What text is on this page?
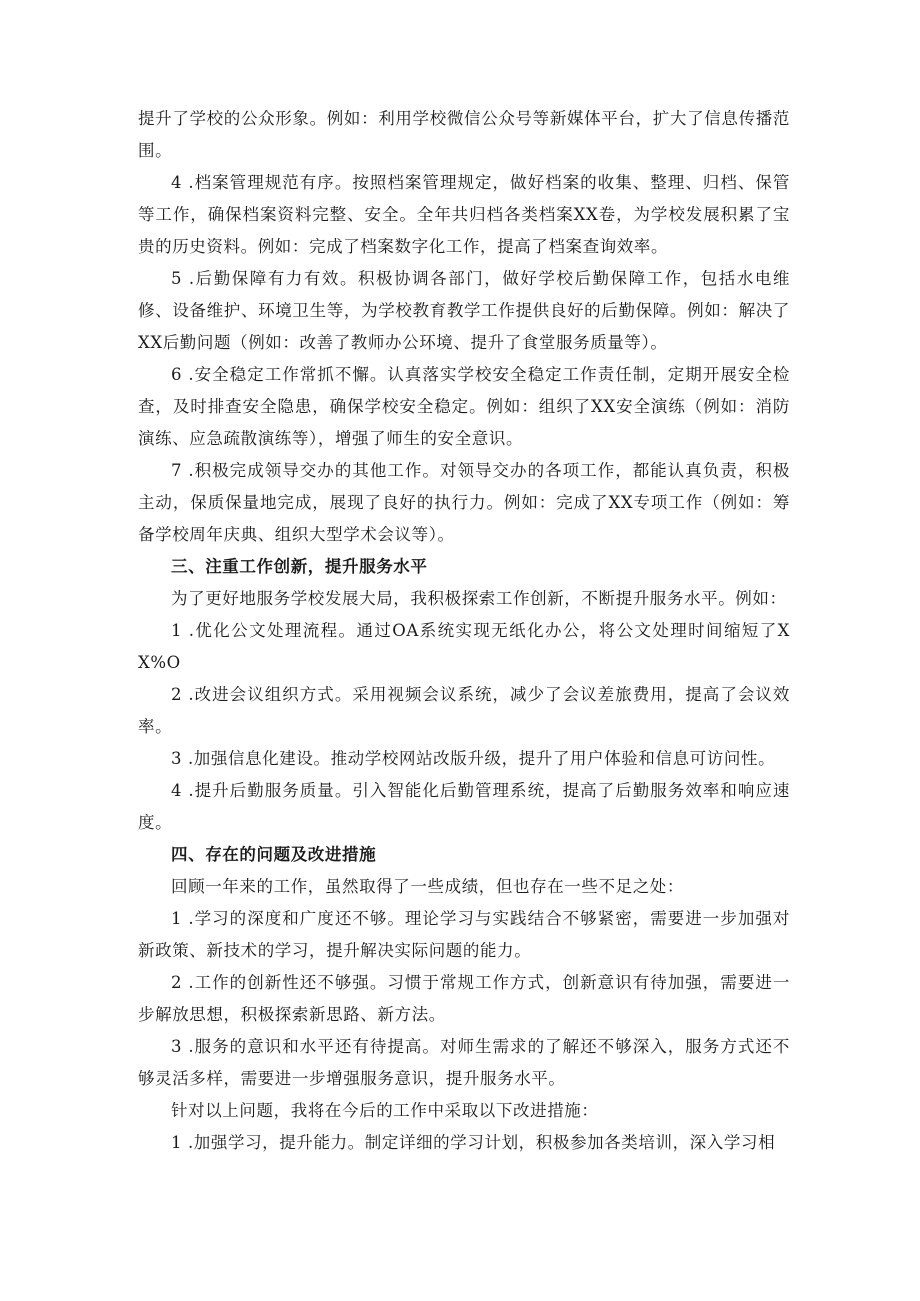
提升了学校的公众形象。例如：利用学校微信公众号等新媒体平台，扩大了信息传播范围。

4 .档案管理规范有序。按照档案管理规定，做好档案的收集、整理、归档、保管等工作，确保档案资料完整、安全。全年共归档各类档案XX卷，为学校发展积累了宝贵的历史资料。例如：完成了档案数字化工作，提高了档案查询效率。

5 .后勤保障有力有效。积极协调各部门，做好学校后勤保障工作，包括水电维修、设备维护、环境卫生等，为学校教育教学工作提供良好的后勤保障。例如：解决了XX后勤问题（例如：改善了教师办公环境、提升了食堂服务质量等）。

6 .安全稳定工作常抓不懈。认真落实学校安全稳定工作责任制，定期开展安全检查，及时排查安全隐患，确保学校安全稳定。例如：组织了XX安全演练（例如：消防演练、应急疏散演练等），增强了师生的安全意识。

7 .积极完成领导交办的其他工作。对领导交办的各项工作，都能认真负责，积极主动，保质保量地完成，展现了良好的执行力。例如：完成了XX专项工作（例如：筹备学校周年庆典、组织大型学术会议等）。

三、注重工作创新，提升服务水平

为了更好地服务学校发展大局，我积极探索工作创新，不断提升服务水平。例如：

1 .优化公文处理流程。通过OA系统实现无纸化办公，将公文处理时间缩短了XX%O

2 .改进会议组织方式。采用视频会议系统，减少了会议差旅费用，提高了会议效率。

3 .加强信息化建设。推动学校网站改版升级，提升了用户体验和信息可访问性。

4 .提升后勤服务质量。引入智能化后勤管理系统，提高了后勤服务效率和响应速度。

四、存在的问题及改进措施

回顾一年来的工作，虽然取得了一些成绩，但也存在一些不足之处：

1 .学习的深度和广度还不够。理论学习与实践结合不够紧密，需要进一步加强对新政策、新技术的学习，提升解决实际问题的能力。

2 .工作的创新性还不够强。习惯于常规工作方式，创新意识有待加强，需要进一步解放思想，积极探索新思路、新方法。

3 .服务的意识和水平还有待提高。对师生需求的了解还不够深入，服务方式还不够灵活多样，需要进一步增强服务意识，提升服务水平。

针对以上问题，我将在今后的工作中采取以下改进措施：

1 .加强学习，提升能力。制定详细的学习计划，积极参加各类培训，深入学习相
